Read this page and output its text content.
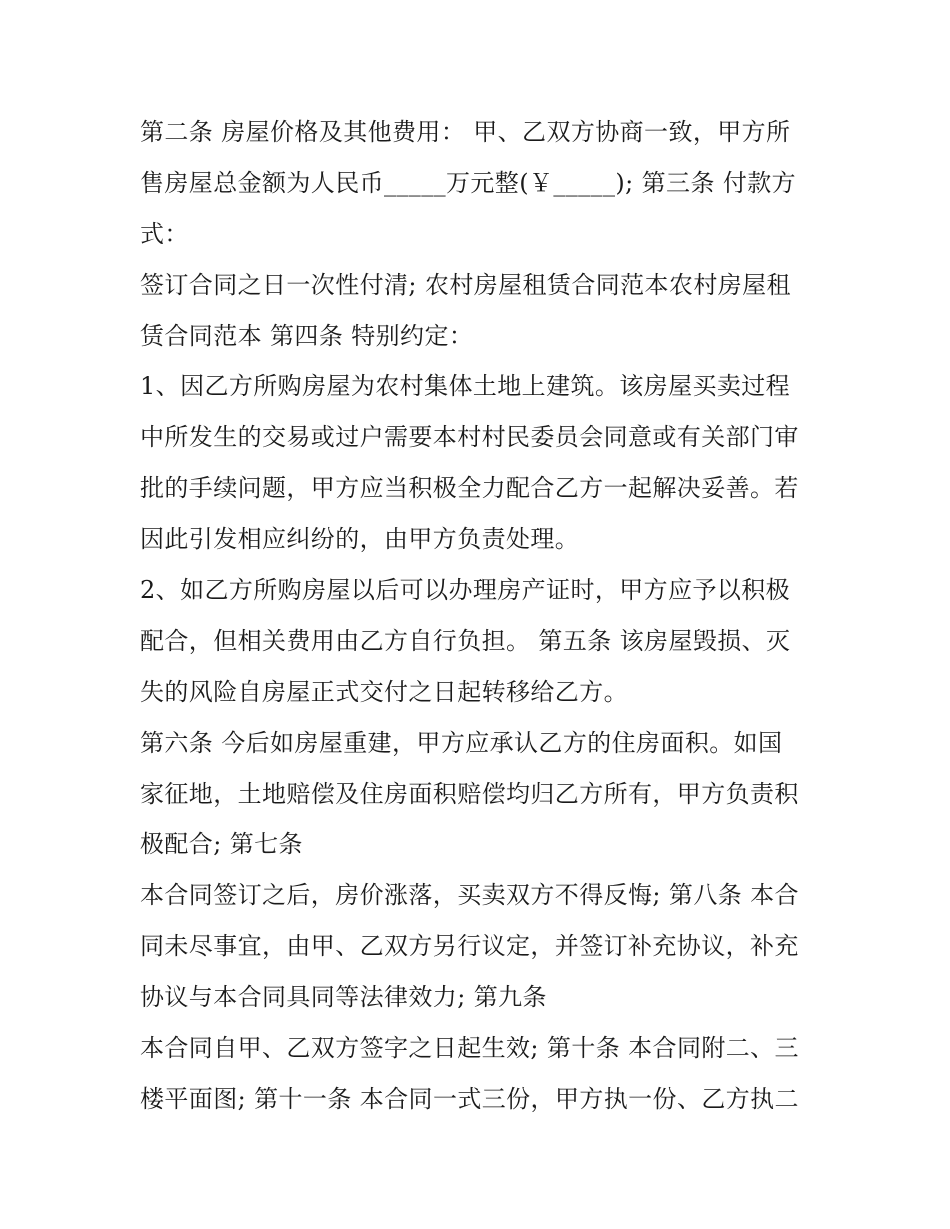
第二条 房屋价格及其他费用： 甲、乙双方协商一致，甲方所
售房屋总金额为人民币_____万元整(￥_____); 第三条 付款方
式：
签订合同之日一次性付清; 农村房屋租赁合同范本农村房屋租
赁合同范本 第四条 特别约定：
1、因乙方所购房屋为农村集体土地上建筑。该房屋买卖过程
中所发生的交易或过户需要本村村民委员会同意或有关部门审
批的手续问题，甲方应当积极全力配合乙方一起解决妥善。若
因此引发相应纠纷的，由甲方负责处理。
2、如乙方所购房屋以后可以办理房产证时，甲方应予以积极
配合，但相关费用由乙方自行负担。 第五条 该房屋毁损、灭
失的风险自房屋正式交付之日起转移给乙方。
第六条 今后如房屋重建，甲方应承认乙方的住房面积。如国
家征地，土地赔偿及住房面积赔偿均归乙方所有，甲方负责积
极配合; 第七条
本合同签订之后，房价涨落，买卖双方不得反悔; 第八条 本合
同未尽事宜，由甲、乙双方另行议定，并签订补充协议，补充
协议与本合同具同等法律效力; 第九条
本合同自甲、乙双方签字之日起生效; 第十条 本合同附二、三
楼平面图; 第十一条 本合同一式三份，甲方执一份、乙方执二
